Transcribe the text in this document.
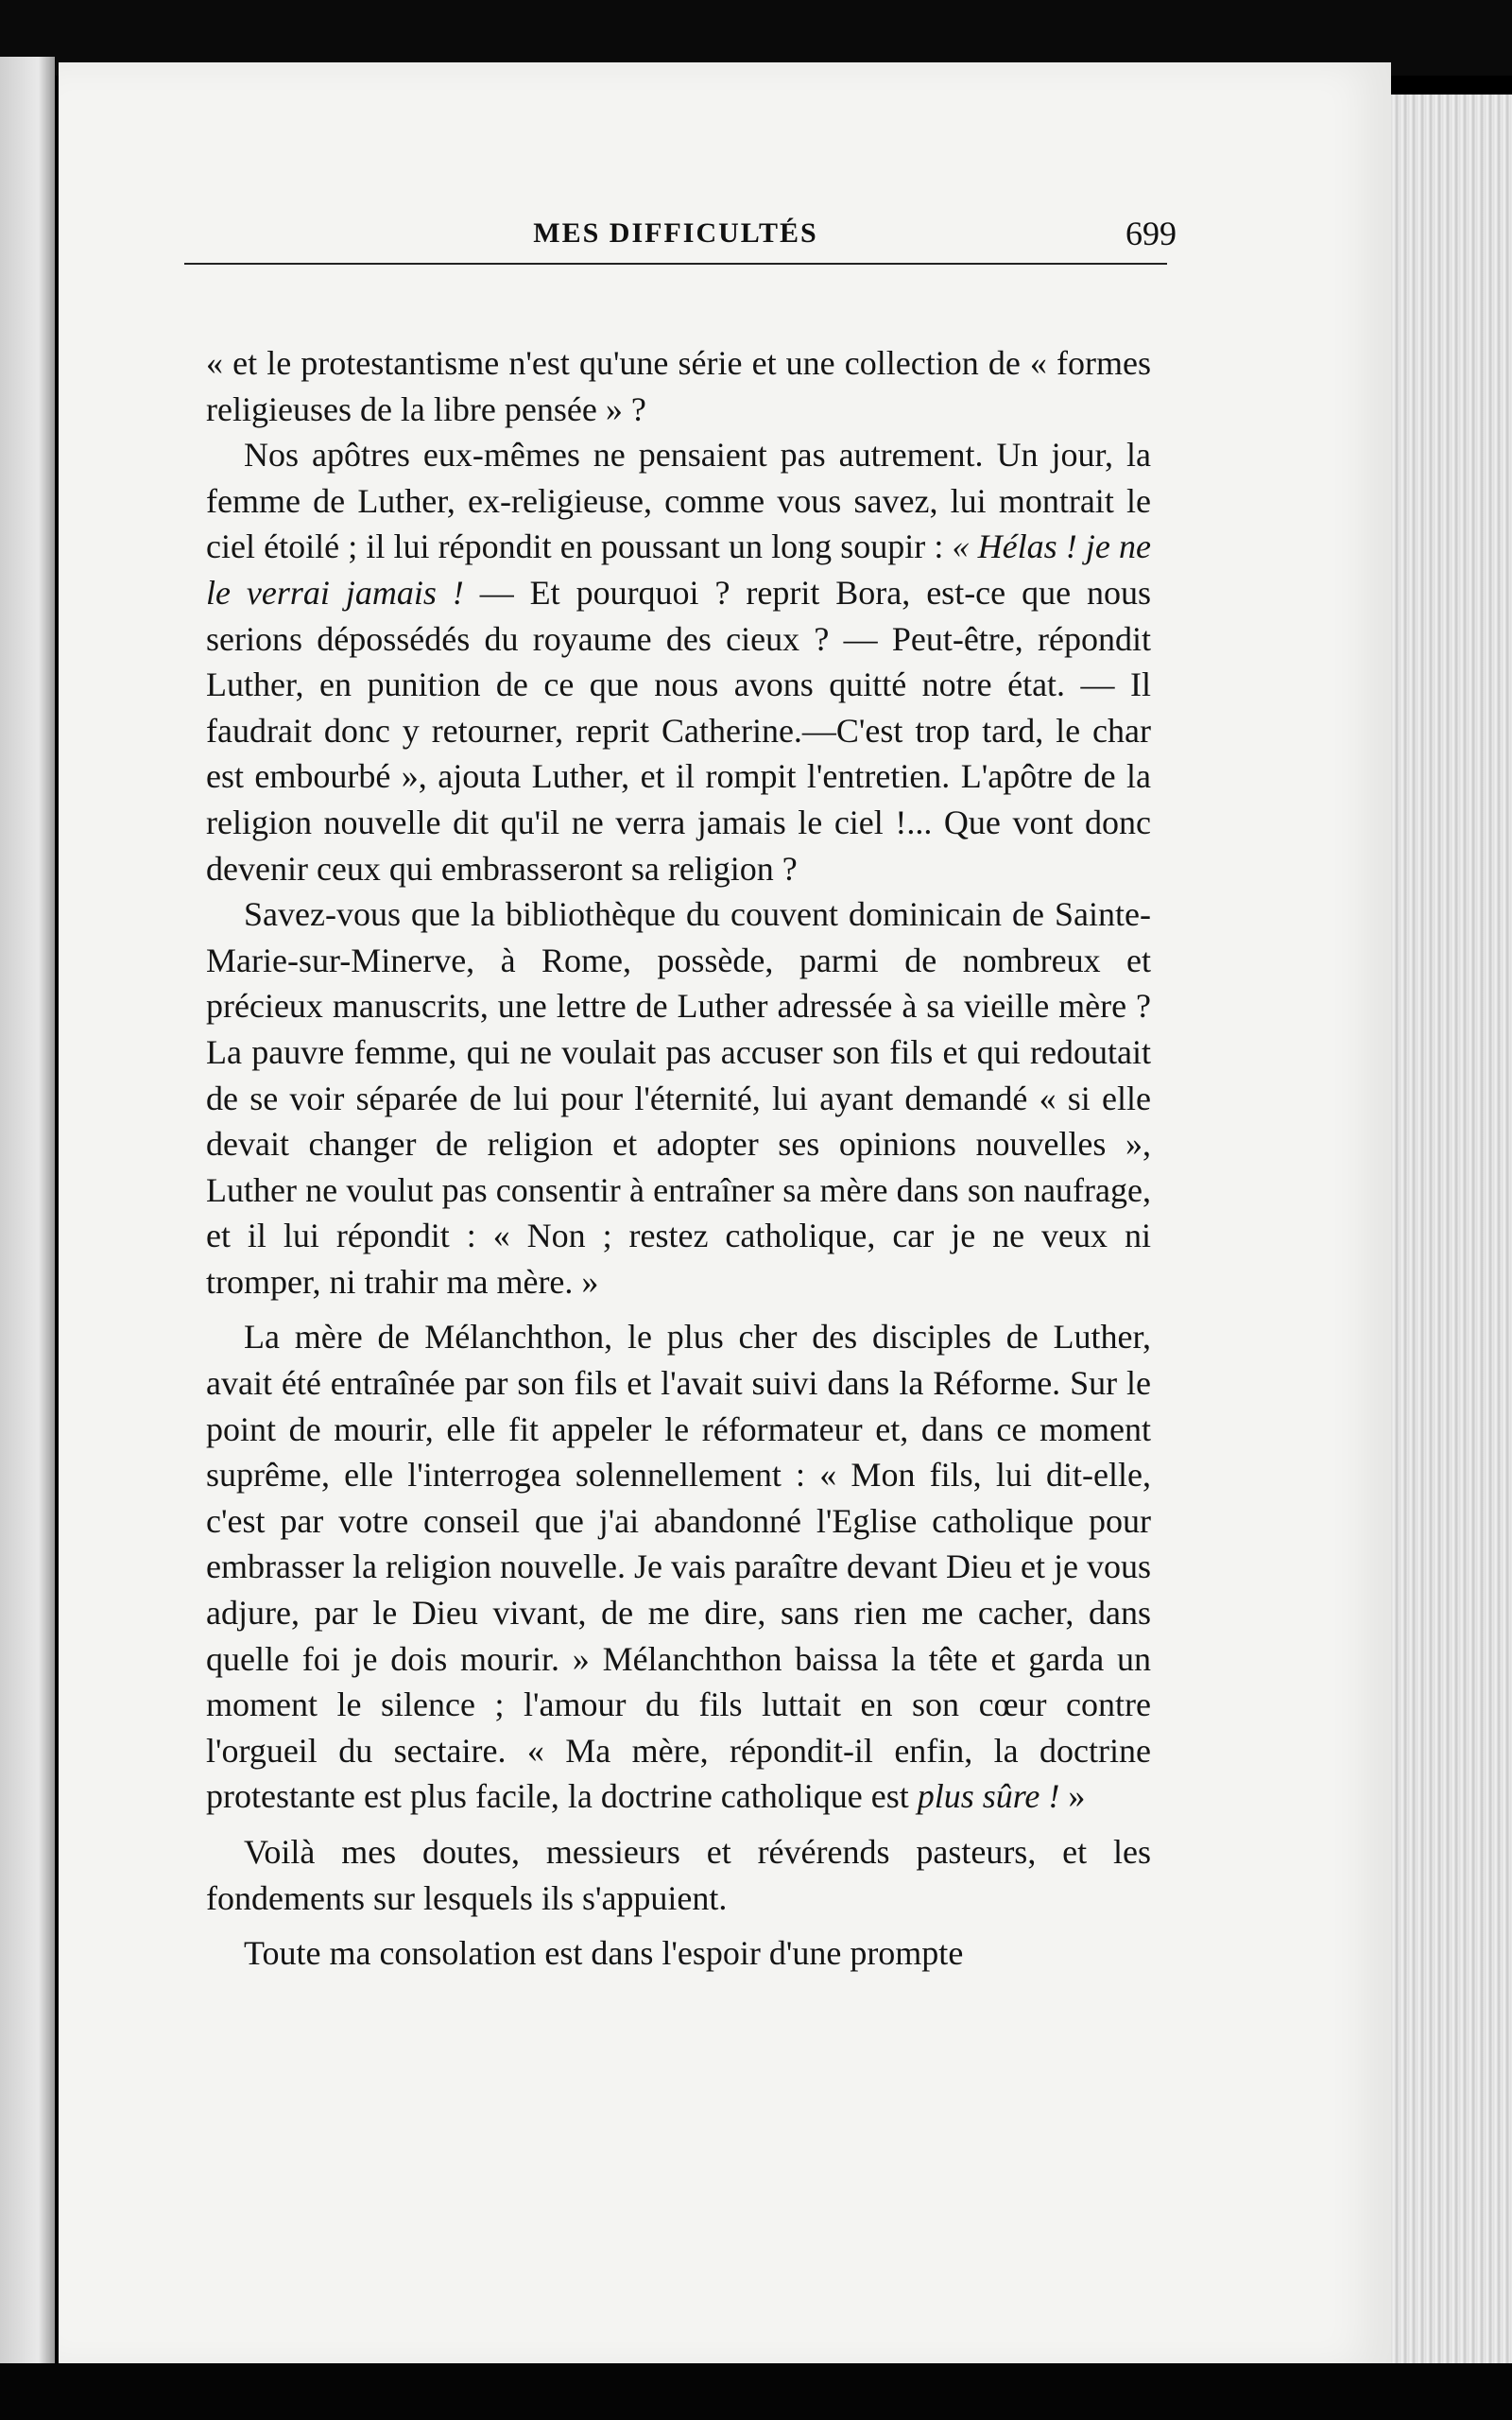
MES DIFFICULTÉS	699

« et le protestantisme n'est qu'une série et une collection de « formes religieuses de la libre pensée » ?

Nos apôtres eux-mêmes ne pensaient pas autrement. Un jour, la femme de Luther, ex-religieuse, comme vous savez, lui montrait le ciel étoilé ; il lui répondit en poussant un long soupir : « Hélas ! je ne le verrai jamais ! — Et pourquoi ? reprit Bora, est-ce que nous serions dépossédés du royaume des cieux ? — Peut-être, répondit Luther, en punition de ce que nous avons quitté notre état. — Il faudrait donc y retourner, reprit Catherine.—C'est trop tard, le char est embourbé », ajouta Luther, et il rompit l'entretien. L'apôtre de la religion nouvelle dit qu'il ne verra jamais le ciel !... Que vont donc devenir ceux qui embrasseront sa religion ?

Savez-vous que la bibliothèque du couvent dominicain de Sainte-Marie-sur-Minerve, à Rome, possède, parmi de nombreux et précieux manuscrits, une lettre de Luther adressée à sa vieille mère ? La pauvre femme, qui ne voulait pas accuser son fils et qui redoutait de se voir séparée de lui pour l'éternité, lui ayant demandé « si elle devait changer de religion et adopter ses opinions nouvelles », Luther ne voulut pas consentir à entraîner sa mère dans son naufrage, et il lui répondit : « Non ; restez catholique, car je ne veux ni tromper, ni trahir ma mère. »

La mère de Mélanchthon, le plus cher des disciples de Luther, avait été entraînée par son fils et l'avait suivi dans la Réforme. Sur le point de mourir, elle fit appeler le réformateur et, dans ce moment suprême, elle l'interrogea solennellement : « Mon fils, lui dit-elle, c'est par votre conseil que j'ai abandonné l'Eglise catholique pour embrasser la religion nouvelle. Je vais paraître devant Dieu et je vous adjure, par le Dieu vivant, de me dire, sans rien me cacher, dans quelle foi je dois mourir. » Mélanchthon baissa la tête et garda un moment le silence ; l'amour du fils luttait en son cœur contre l'orgueil du sectaire. « Ma mère, répondit-il enfin, la doctrine protestante est plus facile, la doctrine catholique est plus sûre ! »

Voilà mes doutes, messieurs et révérends pasteurs, et les fondements sur lesquels ils s'appuient.

Toute ma consolation est dans l'espoir d'une prompte
